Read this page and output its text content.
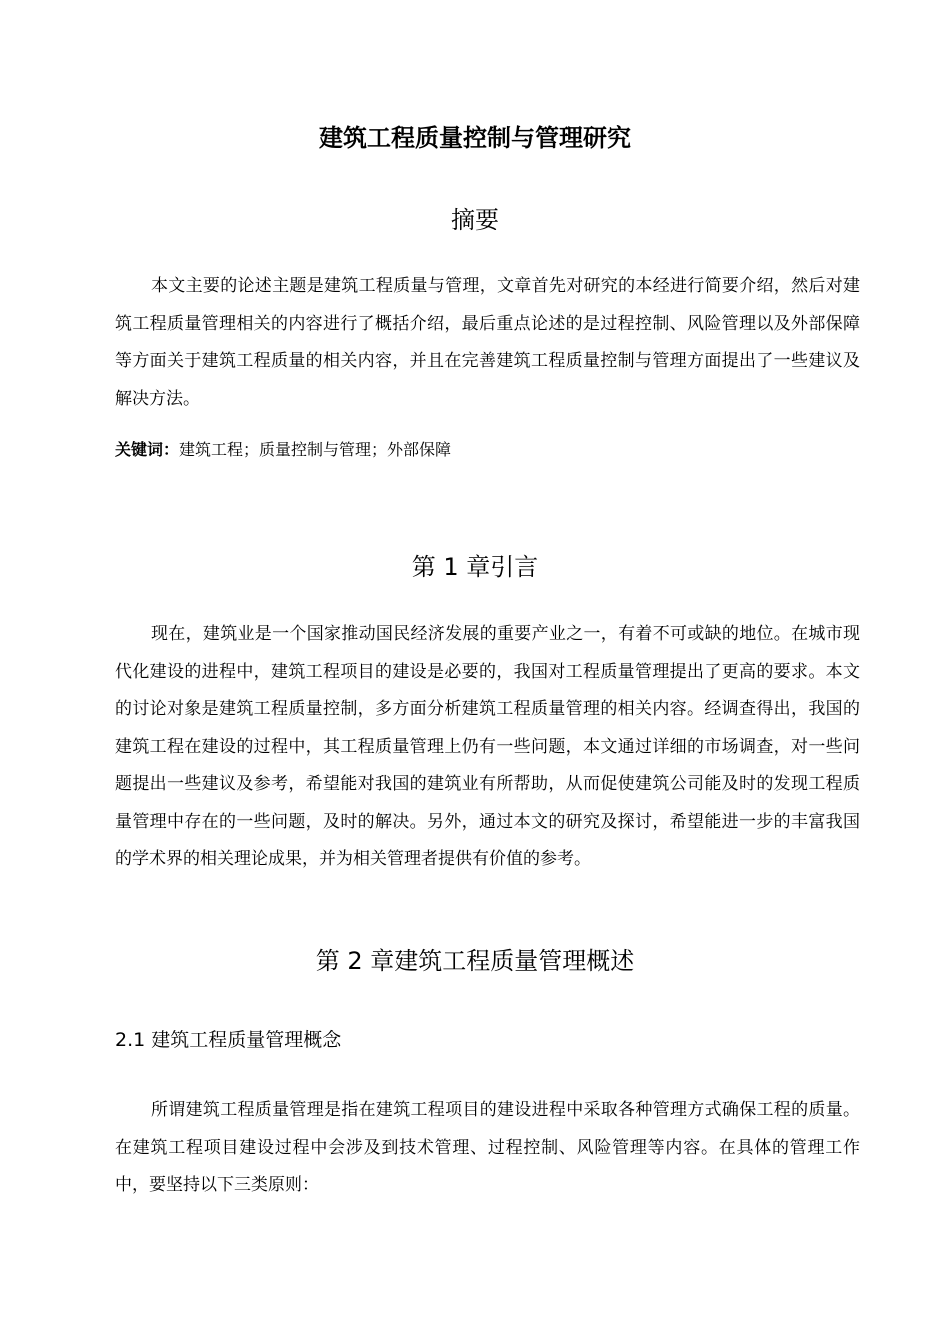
建筑工程质量控制与管理研究
摘要

本文主要的论述主题是建筑工程质量与管理，文章首先对研究的本经进行简要介绍，然后对建筑工程质量管理相关的内容进行了概括介绍，最后重点论述的是过程控制、风险管理以及外部保障等方面关于建筑工程质量的相关内容，并且在完善建筑工程质量控制与管理方面提出了一些建议及解决方法。

关键词：建筑工程；质量控制与管理；外部保障

第 1 章引言

现在，建筑业是一个国家推动国民经济发展的重要产业之一，有着不可或缺的地位。在城市现代化建设的进程中，建筑工程项目的建设是必要的，我国对工程质量管理提出了更高的要求。本文的讨论对象是建筑工程质量控制，多方面分析建筑工程质量管理的相关内容。经调查得出，我国的建筑工程在建设的过程中，其工程质量管理上仍有一些问题，本文通过详细的市场调查，对一些问题提出一些建议及参考，希望能对我国的建筑业有所帮助，从而促使建筑公司能及时的发现工程质量管理中存在的一些问题，及时的解决。另外，通过本文的研究及探讨，希望能进一步的丰富我国的学术界的相关理论成果，并为相关管理者提供有价值的参考。

第 2 章建筑工程质量管理概述
2.1 建筑工程质量管理概念

所谓建筑工程质量管理是指在建筑工程项目的建设进程中采取各种管理方式确保工程的质量。在建筑工程项目建设过程中会涉及到技术管理、过程控制、风险管理等内容。在具体的管理工作中，要坚持以下三类原则：
